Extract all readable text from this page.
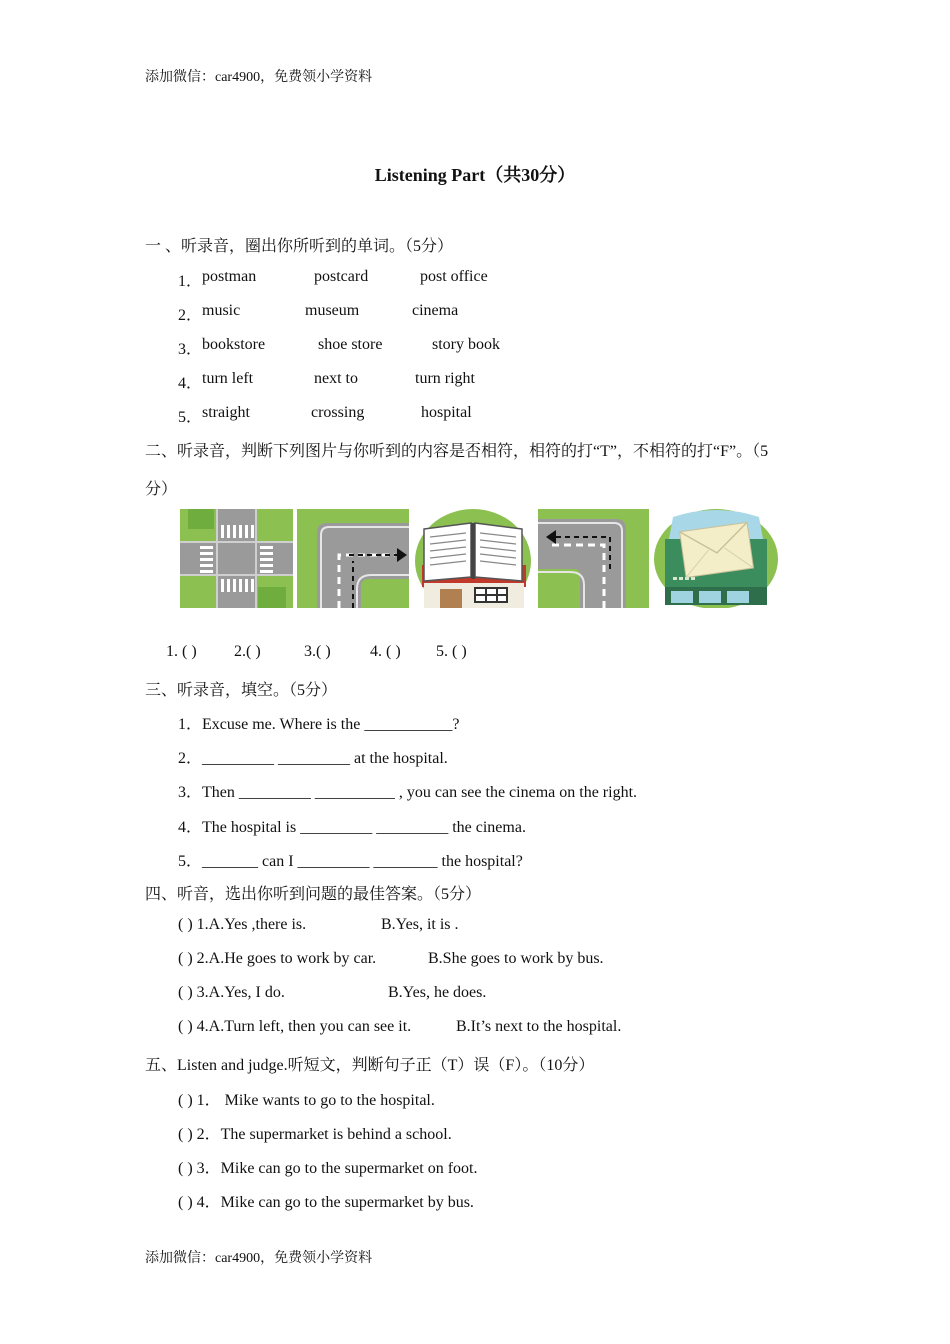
添加微信：car4900，免费领小学资料
Listening Part（共30分）
一 、听录音，圈出你所听到的单词。（5分）
1． postman	postcard	post office
2． music	museum	cinema
3． bookstore	shoe store	story book
4． turn left	next to	turn right
5． straight	crossing	hospital
二、听录音，判断下列图片与你听到的内容是否相符，相符的打“T”，不相符的打“F”。（5
分）
1. ( ) 2.( )	3.( ) 4. ( ) 5. ( )
三、听录音，填空。（5分）
1．Excuse me. Where is the ___________?
2．_________ _________ at the hospital.
3．Then _________ __________ , you can see the cinema on the right.
4．The hospital is _________ _________ the cinema.
5．_______ can I _________ ________ the hospital?
四、听音，选出你听到问题的最佳答案。（5分）
( ) 1.A.Yes ,there is.	B.Yes, it is .
( ) 2.A.He goes to work by car.	B.She goes to work by bus.
( ) 3.A.Yes, I do.	B.Yes, he does.
( ) 4.A.Turn left, then you can see it.	B.It’s next to the hospital.
五、Listen and judge.听短文，判断句子正（T）误（F）。（10分）
( ) 1． Mike wants to go to the hospital.
( ) 2．The supermarket is behind a school.
( ) 3．Mike can go to the supermarket on foot.
( ) 4．Mike can go to the supermarket by bus.
添加微信：car4900，免费领小学资料
